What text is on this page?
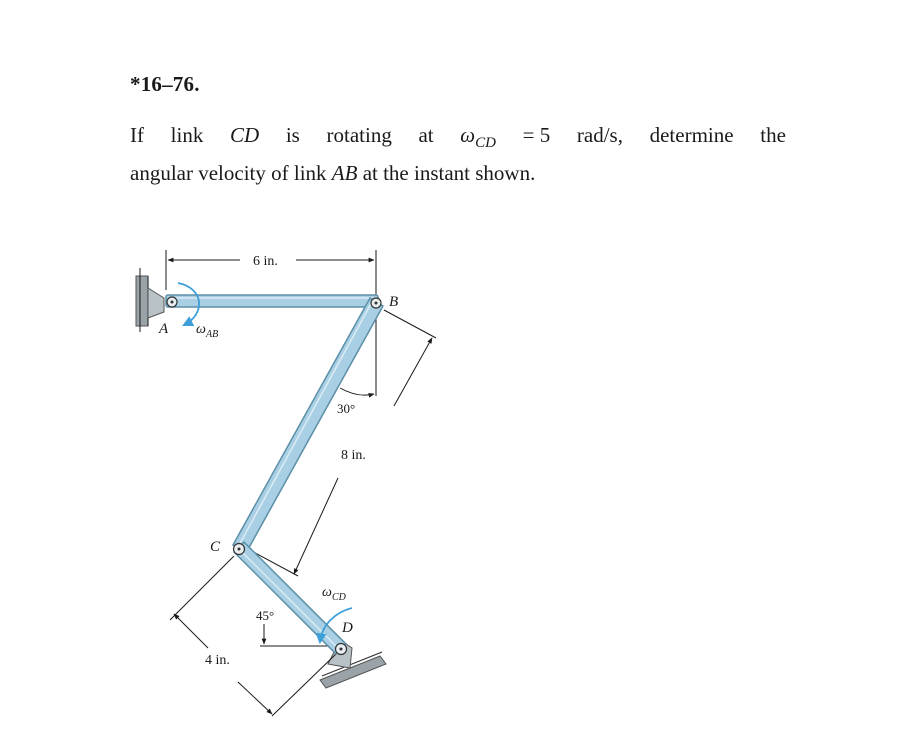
*16–76.
If link CD is rotating at $\omega_{CD} = 5$ rad/s, determine the
angular velocity of link AB at the instant shown.
B
A
C
D
ω AB
ω CD
6 in.
8 in.
4 in.
30°
45°
